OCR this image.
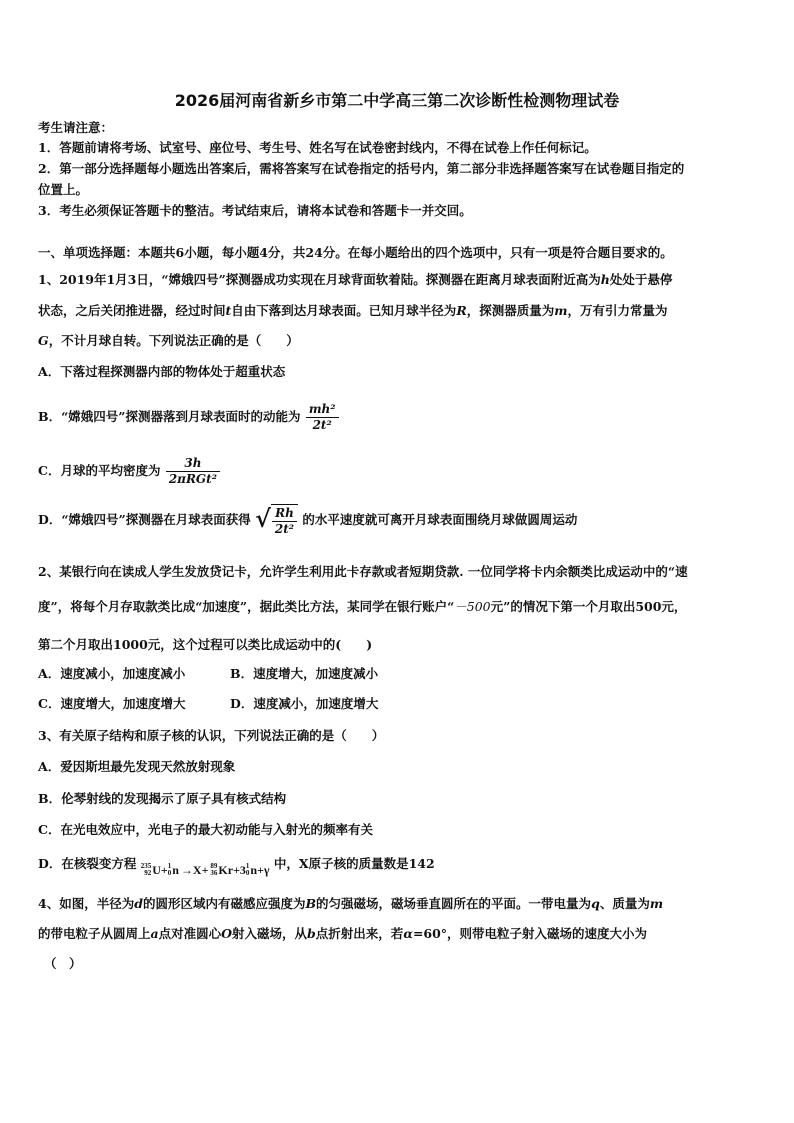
2026届河南省新乡市第二中学高三第二次诊断性检测物理试卷
考生请注意：
1．答题前请将考场、试室号、座位号、考生号、姓名写在试卷密封线内，不得在试卷上作任何标记。
2．第一部分选择题每小题选出答案后，需将答案写在试卷指定的括号内，第二部分非选择题答案写在试卷题目指定的
位置上。
3．考生必须保证答题卡的整洁。考试结束后，请将本试卷和答题卡一并交回。
一、单项选择题：本题共6小题，每小题4分，共24分。在每小题给出的四个选项中，只有一项是符合题目要求的。
1、2019年1月3日，“嫦娥四号”探测器成功实现在月球背面软着陆。探测器在距离月球表面附近高为h处处于悬停
状态，之后关闭推进器，经过时间t自由下落到达月球表面。已知月球半径为R，探测器质量为m，万有引力常量为
G，不计月球自转。下列说法正确的是（　　）
A．下落过程探测器内部的物体处于超重状态
B．“嫦娥四号”探测器落到月球表面时的动能为 $\frac{\text{mh²}}{\text{2t²}}$
C．月球的平均密度为 $\frac{3h}{\text{2πRGt²}}$
D．“嫦娥四号”探测器在月球表面获得 √ $\frac{Rh}{\text{2t²}}$ 的水平速度就可离开月球表面围绕月球做圆周运动
2、某银行向在读成人学生发放贷记卡，允许学生利用此卡存款或者短期贷款. 一位同学将卡内余额类比成运动中的“速
度”，将每个月存取款类比成“加速度”，据此类比方法，某同学在银行账户“－500元”的情况下第一个月取出500元，
第二个月取出1000元，这个过程可以类比成运动中的(　　)
A．速度减小，加速度减小	B．速度增大，加速度减小
C．速度增大，加速度增大	D．速度减小，加速度增大
3、有关原子结构和原子核的认识，下列说法正确的是（　　）
A．爱因斯坦最先发现天然放射现象
B．伦琴射线的发现揭示了原子具有核式结构
C．在光电效应中，光电子的最大初动能与入射光的频率有关
D．在核裂变方程 235
92 U+ 1
0 n →X+ 89
36 Kr+3 1
0 n+γ 中，X原子核的质量数是142
4、如图，半径为d的圆形区域内有磁感应强度为B的匀强磁场，磁场垂直圆所在的平面。一带电量为q、质量为m
的带电粒子从圆周上a点对准圆心O射入磁场，从b点折射出来，若α=60°，则带电粒子射入磁场的速度大小为
（　）
